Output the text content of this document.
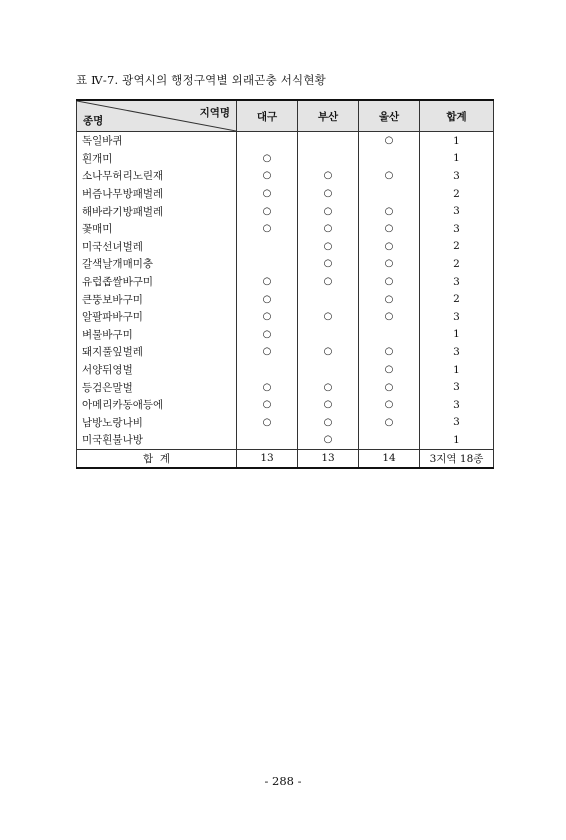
표 Ⅳ-7. 광역시의 행정구역별 외래곤충 서식현황
지역명
종명	대구	부산	울산	합계
독일바퀴			○	1
흰개미	○			1
소나무허리노린재	○	○	○	3
버즘나무방패벌레	○	○		2
해바라기방패벌레	○	○	○	3
꽃매미	○	○	○	3
미국선녀벌레		○	○	2
갈색날개매미충		○	○	2
유럽좁쌀바구미	○	○	○	3
큰뚱보바구미	○		○	2
알팔파바구미	○	○	○	3
벼물바구미	○			1
돼지풀잎벌레	○	○	○	3
서양뒤영벌			○	1
등검은말벌	○	○	○	3
아메리카동애등에	○	○	○	3
남방노랑나비	○	○	○	3
미국흰불나방		○		1
합  계	13	13	14	3지역 18종
- 288 -
